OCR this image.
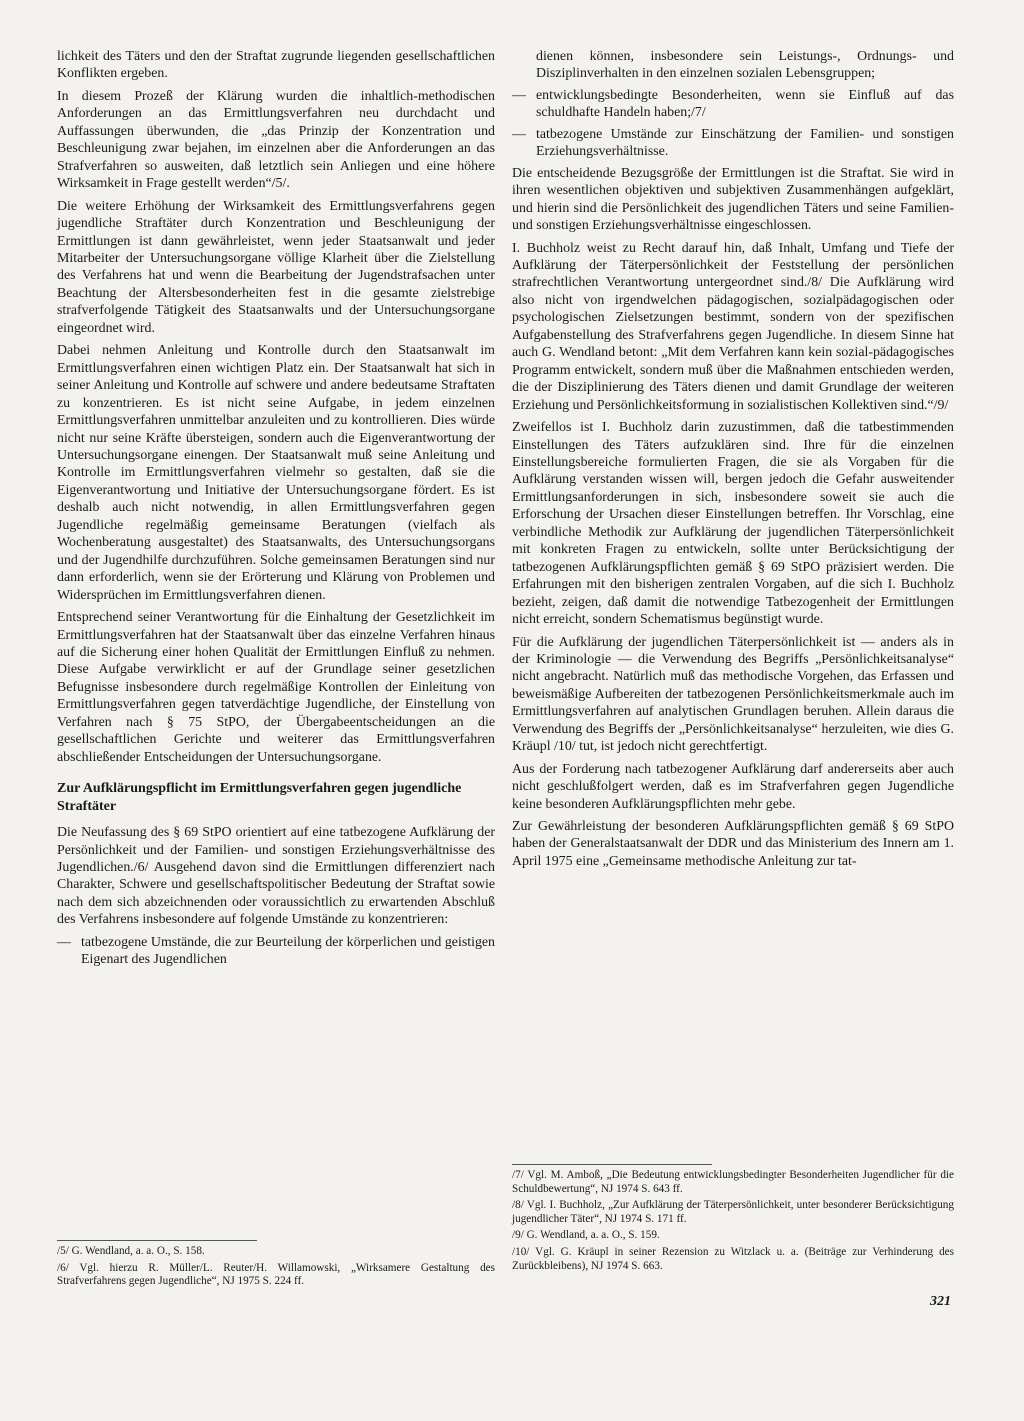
lichkeit des Täters und den der Straftat zugrunde liegenden gesellschaftlichen Konflikten ergeben.

In diesem Prozeß der Klärung wurden die inhaltlich-methodischen Anforderungen an das Ermittlungsverfahren neu durchdacht und Auffassungen überwunden, die „das Prinzip der Konzentration und Beschleunigung zwar bejahen, im einzelnen aber die Anforderungen an das Strafverfahren so ausweiten, daß letztlich sein Anliegen und eine höhere Wirksamkeit in Frage gestellt werden“/5/.

Die weitere Erhöhung der Wirksamkeit des Ermittlungsverfahrens gegen jugendliche Straftäter durch Konzentration und Beschleunigung der Ermittlungen ist dann gewährleistet, wenn jeder Staatsanwalt und jeder Mitarbeiter der Untersuchungsorgane völlige Klarheit über die Zielstellung des Verfahrens hat und wenn die Bearbeitung der Jugendstrafsachen unter Beachtung der Altersbesonderheiten fest in die gesamte zielstrebige strafverfolgende Tätigkeit des Staatsanwalts und der Untersuchungsorgane eingeordnet wird.

Dabei nehmen Anleitung und Kontrolle durch den Staatsanwalt im Ermittlungsverfahren einen wichtigen Platz ein. Der Staatsanwalt hat sich in seiner Anleitung und Kontrolle auf schwere und andere bedeutsame Straftaten zu konzentrieren. Es ist nicht seine Aufgabe, in jedem einzelnen Ermittlungsverfahren unmittelbar anzuleiten und zu kontrollieren. Dies würde nicht nur seine Kräfte übersteigen, sondern auch die Eigenverantwortung der Untersuchungsorgane einengen. Der Staatsanwalt muß seine Anleitung und Kontrolle im Ermittlungsverfahren vielmehr so gestalten, daß sie die Eigenverantwortung und Initiative der Untersuchungsorgane fördert. Es ist deshalb auch nicht notwendig, in allen Ermittlungsverfahren gegen Jugendliche regelmäßig gemeinsame Beratungen (vielfach als Wochenberatung ausgestaltet) des Staatsanwalts, des Untersuchungsorgans und der Jugendhilfe durchzuführen. Solche gemeinsamen Beratungen sind nur dann erforderlich, wenn sie der Erörterung und Klärung von Problemen und Widersprüchen im Ermittlungsverfahren dienen.

Entsprechend seiner Verantwortung für die Einhaltung der Gesetzlichkeit im Ermittlungsverfahren hat der Staatsanwalt über das einzelne Verfahren hinaus auf die Sicherung einer hohen Qualität der Ermittlungen Einfluß zu nehmen. Diese Aufgabe verwirklicht er auf der Grundlage seiner gesetzlichen Befugnisse insbesondere durch regelmäßige Kontrollen der Einleitung von Ermittlungsverfahren gegen tatverdächtige Jugendliche, der Einstellung von Verfahren nach § 75 StPO, der Übergabeentscheidungen an die gesellschaftlichen Gerichte und weiterer das Ermittlungsverfahren abschließender Entscheidungen der Untersuchungsorgane.

Zur Aufklärungspflicht im Ermittlungsverfahren gegen jugendliche Straftäter

Die Neufassung des § 69 StPO orientiert auf eine tatbezogene Aufklärung der Persönlichkeit und der Familien- und sonstigen Erziehungsverhältnisse des Jugendlichen./6/ Ausgehend davon sind die Ermittlungen differenziert nach Charakter, Schwere und gesellschaftspolitischer Bedeutung der Straftat sowie nach dem sich abzeichnenden oder voraussichtlich zu erwartenden Abschluß des Verfahrens insbesondere auf folgende Umstände zu konzentrieren:

— tatbezogene Umstände, die zur Beurteilung der körperlichen und geistigen Eigenart des Jugendlichen
/5/ G. Wendland, a. a. O., S. 158.
/6/ Vgl. hierzu R. Müller/L. Reuter/H. Willamowski, „Wirksamere Gestaltung des Strafverfahrens gegen Jugendliche“, NJ 1975 S. 224 ff.
dienen können, insbesondere sein Leistungs-, Ordnungs- und Disziplinverhalten in den einzelnen sozialen Lebensgruppen;
— entwicklungsbedingte Besonderheiten, wenn sie Einfluß auf das schuldhafte Handeln haben;/7/
— tatbezogene Umstände zur Einschätzung der Familien- und sonstigen Erziehungsverhältnisse.

Die entscheidende Bezugsgröße der Ermittlungen ist die Straftat. Sie wird in ihren wesentlichen objektiven und subjektiven Zusammenhängen aufgeklärt, und hierin sind die Persönlichkeit des jugendlichen Täters und seine Familien- und sonstigen Erziehungsverhältnisse eingeschlossen.

I. Buchholz weist zu Recht darauf hin, daß Inhalt, Umfang und Tiefe der Aufklärung der Täterpersönlichkeit der Feststellung der persönlichen strafrechtlichen Verantwortung untergeordnet sind./8/ Die Aufklärung wird also nicht von irgendwelchen pädagogischen, sozialpädagogischen oder psychologischen Zielsetzungen bestimmt, sondern von der spezifischen Aufgabenstellung des Strafverfahrens gegen Jugendliche. In diesem Sinne hat auch G. Wendland betont: „Mit dem Verfahren kann kein sozial-pädagogisches Programm entwickelt, sondern muß über die Maßnahmen entschieden werden, die der Disziplinierung des Täters dienen und damit Grundlage der weiteren Erziehung und Persönlichkeitsformung in sozialistischen Kollektiven sind.“/9/

Zweifellos ist I. Buchholz darin zuzustimmen, daß die tatbestimmenden Einstellungen des Täters aufzuklären sind. Ihre für die einzelnen Einstellungsbereiche formulierten Fragen, die sie als Vorgaben für die Aufklärung verstanden wissen will, bergen jedoch die Gefahr ausweitender Ermittlungsanforderungen in sich, insbesondere soweit sie auch die Erforschung der Ursachen dieser Einstellungen betreffen. Ihr Vorschlag, eine verbindliche Methodik zur Aufklärung der jugendlichen Täterpersönlichkeit mit konkreten Fragen zu entwickeln, sollte unter Berücksichtigung der tatbezogenen Aufklärungspflichten gemäß § 69 StPO präzisiert werden. Die Erfahrungen mit den bisherigen zentralen Vorgaben, auf die sich I. Buchholz bezieht, zeigen, daß damit die notwendige Tatbezogenheit der Ermittlungen nicht erreicht, sondern Schematismus begünstigt wurde.

Für die Aufklärung der jugendlichen Täterpersönlichkeit ist — anders als in der Kriminologie — die Verwendung des Begriffs „Persönlichkeitsanalyse“ nicht angebracht. Natürlich muß das methodische Vorgehen, das Erfassen und beweismäßige Aufbereiten der tatbezogenen Persönlichkeitsmerkmale auch im Ermittlungsverfahren auf analytischen Grundlagen beruhen. Allein daraus die Verwendung des Begriffs der „Persönlichkeitsanalyse“ herzuleiten, wie dies G. Kräupl /10/ tut, ist jedoch nicht gerechtfertigt.

Aus der Forderung nach tatbezogener Aufklärung darf andererseits aber auch nicht geschlußfolgert werden, daß es im Strafverfahren gegen Jugendliche keine besonderen Aufklärungspflichten mehr gebe.

Zur Gewährleistung der besonderen Aufklärungspflichten gemäß § 69 StPO haben der Generalstaatsanwalt der DDR und das Ministerium des Innern am 1. April 1975 eine „Gemeinsame methodische Anleitung zur tat-

/7/ Vgl. M. Amboß, „Die Bedeutung entwicklungsbedingter Besonderheiten Jugendlicher für die Schuldbewertung“, NJ 1974 S. 643 ff.
/8/ Vgl. I. Buchholz, „Zur Aufklärung der Täterpersönlichkeit, unter besonderer Berücksichtigung jugendlicher Täter“, NJ 1974 S. 171 ff.
/9/ G. Wendland, a. a. O., S. 159.
/10/ Vgl. G. Kräupl in seiner Rezension zu Witzlack u. a. (Beiträge zur Verhinderung des Zurückbleibens), NJ 1974 S. 663.
321
